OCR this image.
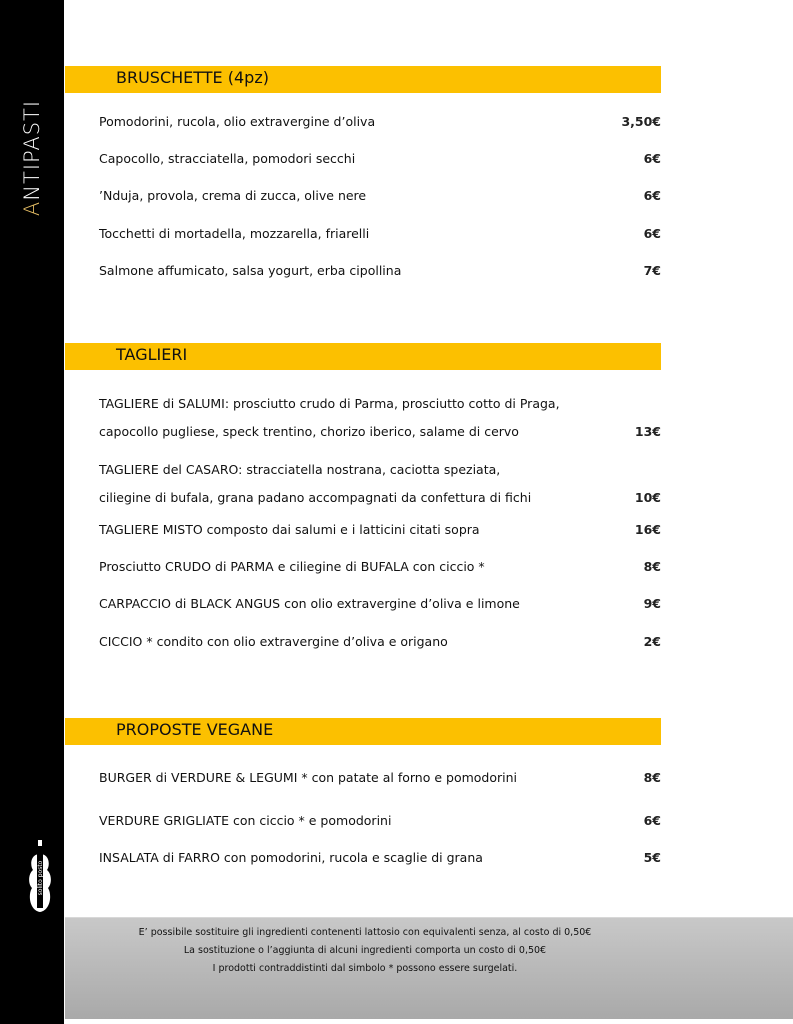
ANTIPASTI
solito posto
BRUSCHETTE (4pz)
Pomodorini, rucola, olio extravergine d’oliva	3,50€
Capocollo, stracciatella, pomodori secchi	6€
’Nduja, provola, crema di zucca, olive nere	6€
Tocchetti di mortadella, mozzarella, friarelli	6€
Salmone affumicato, salsa yogurt, erba cipollina	7€
TAGLIERI
TAGLIERE di SALUMI: prosciutto crudo di Parma, prosciutto cotto di Praga,
capocollo pugliese, speck trentino, chorizo iberico, salame di cervo	13€
TAGLIERE del CASARO: stracciatella nostrana, caciotta speziata,
ciliegine di bufala, grana padano accompagnati da confettura di fichi	10€
TAGLIERE MISTO composto dai salumi e i latticini citati sopra	16€
Prosciutto CRUDO di PARMA e ciliegine di BUFALA con ciccio *	8€
CARPACCIO di BLACK ANGUS con olio extravergine d’oliva e limone	9€
CICCIO * condito con olio extravergine d’oliva e origano	2€
PROPOSTE VEGANE
BURGER di VERDURE & LEGUMI * con patate al forno e pomodorini	8€
VERDURE GRIGLIATE con ciccio * e pomodorini	6€
INSALATA di FARRO con pomodorini, rucola e scaglie di grana	5€
E’ possibile sostituire gli ingredienti contenenti lattosio con equivalenti senza, al costo di 0,50€
La sostituzione o l’aggiunta di alcuni ingredienti comporta un costo di 0,50€
I prodotti contraddistinti dal simbolo * possono essere surgelati.
